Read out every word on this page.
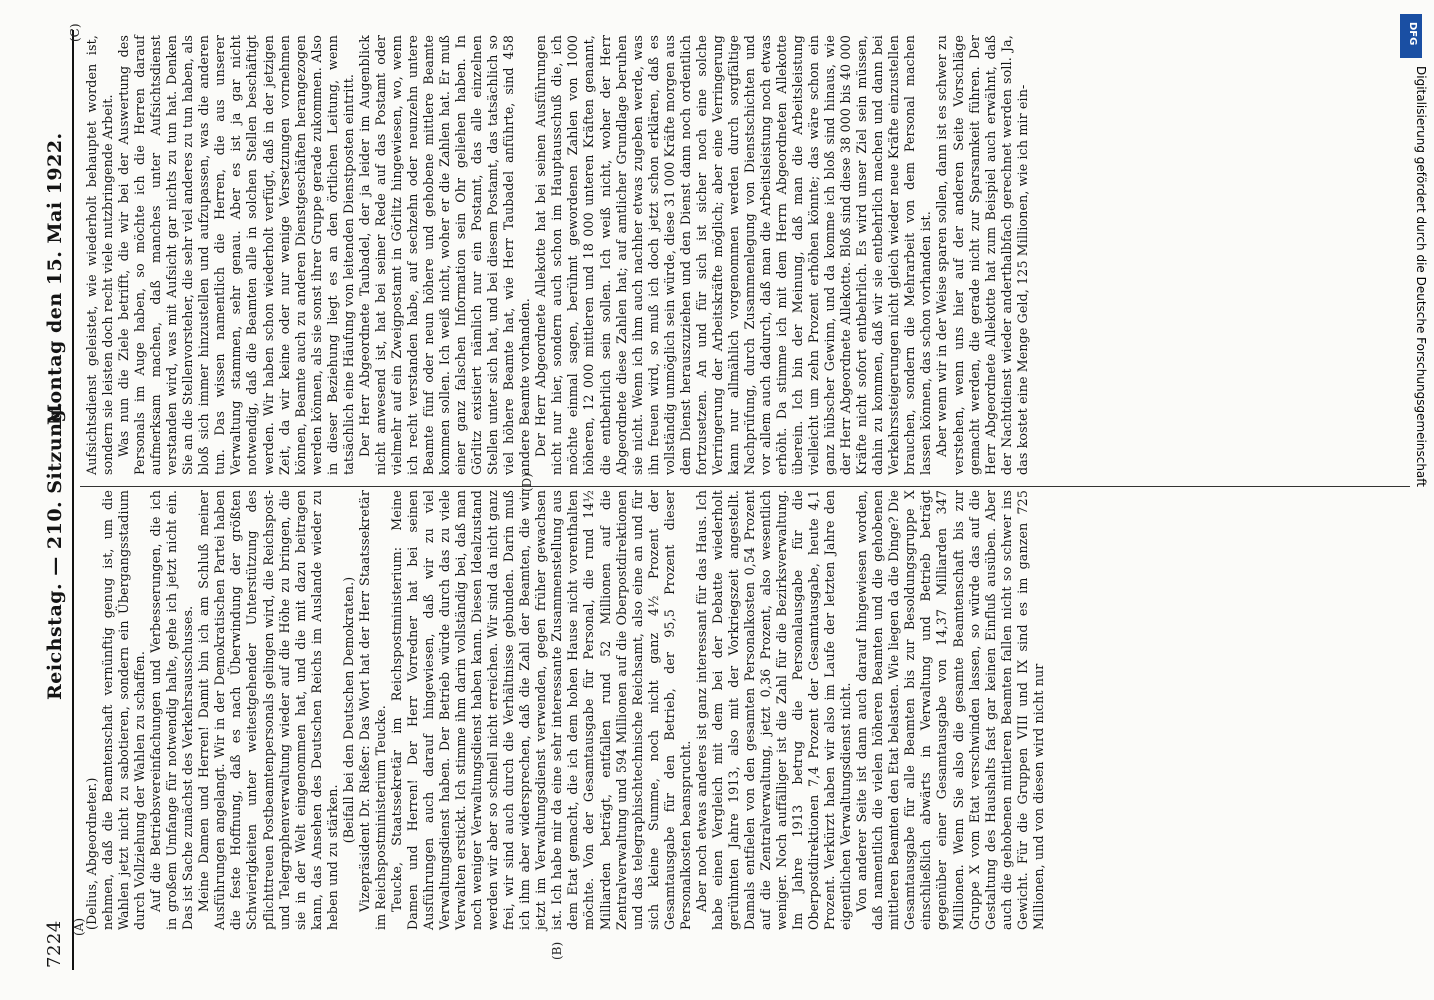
7224
Reichstag. — 210. Sitzung.
Montag den 15. Mai 1922.
(A)
(B)
(C)
(D)

(Delius, Abgeordneter.) nehmen, daß die Beamtenschaft vernünftig genug ist, um die Wahlen jetzt nicht zu sabotieren, sondern ein Übergangsstadium durch Vollziehung der Wahlen zu schaffen. Auf die Betriebsvereinfachungen und Verbesserungen, die ich in großem Umfange für notwendig halte, gehe ich jetzt nicht ein. Das ist Sache zunächst des Verkehrsausschusses. Meine Damen und Herren! Damit bin ich am Schluß meiner Ausführungen angelangt. Wir in der Demokratischen Partei haben die feste Hoffnung, daß es nach Überwindung der größten Schwierigkeiten unter weitestgehender Unterstützung des pflichttreuen Postbeamtenpersonals gelingen wird, die Reichspost- und Telegraphenverwaltung wieder auf die Höhe zu bringen, die sie in der Welt eingenommen hat, und die mit dazu beitragen kann, das Ansehen des Deutschen Reichs im Auslande wieder zu heben und zu stärken.

(Beifall bei den Deutschen Demokraten.) Vizepräsident Dr. Rießer: Das Wort hat der Herr Staatssekretär im Reichspostministerium Teucke. Teucke, Staatssekretär im Reichspostministerium: Meine Damen und Herren! Der Herr Vorredner hat bei seinen Ausführungen auch darauf hingewiesen, daß wir zu viel Verwaltungsdienst haben. Der Betrieb würde durch das zu viele Verwalten erstickt. Ich stimme ihm darin vollständig bei, daß man noch weniger Verwaltungsdienst haben kann. Diesen Idealzustand werden wir aber so schnell nicht erreichen. Wir sind da nicht ganz frei, wir sind auch durch die Verhältnisse gebunden. Darin muß ich ihm aber widersprechen, daß die Zahl der Beamten, die wir jetzt im Verwaltungsdienst verwenden, gegen früher gewachsen ist. Ich habe mir da eine sehr interessante Zusammenstellung aus dem Etat gemacht, die ich dem hohen Hause nicht vorenthalten möchte. Von der Gesamtausgabe für Personal, die rund 14½ Milliarden beträgt, entfallen rund 52 Millionen auf die Zentralverwaltung und 594 Millionen auf die Oberpostdirektionen und das telegraphischtechnische Reichsamt, also eine an und für sich kleine Summe, noch nicht ganz 4½ Prozent der Gesamtausgabe für den Betrieb, der 95,5 Prozent dieser Personalkosten beansprucht. Aber noch etwas anderes ist ganz interessant für das Haus. Ich habe einen Vergleich mit dem bei der Debatte wiederholt gerühmten Jahre 1913, also mit der Vorkriegszeit angestellt. Damals entfielen von den gesamten Personalkosten 0,54 Prozent auf die Zentralverwaltung, jetzt 0,36 Prozent, also wesentlich weniger. Noch auffälliger ist die Zahl für die Bezirksverwaltung. Im Jahre 1913 betrug die Personalausgabe für die Oberpostdirektionen 7,4 Prozent der Gesamtausgabe, heute 4,1 Prozent. Verkürzt haben wir also im Laufe der letzten Jahre den eigentlichen Verwaltungsdienst nicht. Von anderer Seite ist dann auch darauf hingewiesen worden, daß namentlich die vielen höheren Beamten und die gehobenen mittleren Beamten den Etat belasten. Wie liegen da die Dinge? Die Gesamtausgabe für alle Beamten bis zur Besoldungsgruppe X einschließlich abwärts in Verwaltung und Betrieb beträgt gegenüber einer Gesamtausgabe von 14,37 Milliarden 347 Millionen. Wenn Sie also die gesamte Beamtenschaft bis zur Gruppe X vom Etat verschwinden lassen, so würde das auf die Gestaltung des Haushalts fast gar keinen Einfluß ausüben. Aber auch die gehobenen mittleren Beamten fallen nicht so schwer ins Gewicht. Für die Gruppen VIII und IX sind es im ganzen 725 Millionen, und von diesen wird nicht nur

Aufsichtsdienst geleistet, wie wiederholt behauptet worden ist, sondern sie leisten doch recht viele nutzbringende Arbeit. Was nun die Ziele betrifft, die wir bei der Auswertung des Personals im Auge haben, so möchte ich die Herren darauf aufmerksam machen, daß manches unter Aufsichtsdienst verstanden wird, was mit Aufsicht gar nichts zu tun hat. Denken Sie an die Stellenvorsteher, die sehr viel anderes zu tun haben, als bloß sich immer hinzustellen und aufzupassen, was die anderen tun. Das wissen namentlich die Herren, die aus unserer Verwaltung stammen, sehr genau. Aber es ist ja gar nicht notwendig, daß die Beamten alle in solchen Stellen beschäftigt werden. Wir haben schon wiederholt verfügt, daß in der jetzigen Zeit, da wir keine oder nur wenige Versetzungen vornehmen können, Beamte auch zu anderen Dienstgeschäften herangezogen werden können, als sie sonst ihrer Gruppe gerade zukommen. Also in dieser Beziehung liegt es an den örtlichen Leitung, wenn tatsächlich eine Häufung von leitenden Dienstposten eintritt. Der Herr Abgeordnete Taubadel, der ja leider im Augenblick nicht anwesend ist, hat bei seiner Rede auf das Postamt oder vielmehr auf ein Zweigpostamt in Görlitz hingewiesen, wo, wenn ich recht verstanden habe, auf sechzehn oder neunzehn untere Beamte fünf oder neun höhere und gehobene mittlere Beamte kommen sollen. Ich weiß nicht, woher er die Zahlen hat. Er muß einer ganz falschen Information sein Ohr geliehen haben. In Görlitz existiert nämlich nur ein Postamt, das alle einzelnen Stellen unter sich hat, und bei diesem Postamt, das tatsächlich so viel höhere Beamte hat, wie Herr Taubadel anführte, sind 458 andere Beamte vorhanden. Der Herr Abgeordnete Allekotte hat bei seinen Ausführungen nicht nur hier, sondern auch schon im Hauptausschuß die, ich möchte einmal sagen, berühmt gewordenen Zahlen von 1000 höheren, 12 000 mittleren und 18 000 unteren Kräften genannt, die entbehrlich sein sollen. Ich weiß nicht, woher der Herr Abgeordnete diese Zahlen hat; auf amtlicher Grundlage beruhen sie nicht. Wenn ich ihm auch nachher etwas zugeben werde, was ihn freuen wird, so muß ich doch jetzt schon erklären, daß es vollständig unmöglich sein würde, diese 31 000 Kräfte morgen aus dem Dienst herauszuziehen und den Dienst dann noch ordentlich fortzusetzen. An und für sich ist sicher noch eine solche Verringerung der Arbeitskräfte möglich; aber eine Verringerung kann nur allmählich vorgenommen werden durch sorgfältige Nachprüfung, durch Zusammenlegung von Dienstschichten und vor allem auch dadurch, daß man die Arbeitsleistung noch etwas erhöht. Da stimme ich mit dem Herrn Abgeordneten Allekotte überein. Ich bin der Meinung, daß man die Arbeitsleistung vielleicht um zehn Prozent erhöhen könnte; das wäre schon ein ganz hübscher Gewinn, und da komme ich bloß sind hinaus, wie der Herr Abgeordnete Allekotte. Bloß sind diese 38 000 bis 40 000 Kräfte nicht sofort entbehrlich. Es wird unser Ziel sein müssen, dahin zu kommen, daß wir sie entbehrlich machen und dann bei Verkehrssteigerungen nicht gleich wieder neue Kräfte einzustellen brauchen, sondern die Mehrarbeit von dem Personal machen lassen können, das schon vorhanden ist. Aber wenn wir in der Weise sparen sollen, dann ist es schwer zu verstehen, wenn uns hier auf der anderen Seite Vorschläge gemacht werden, die gerade nicht zur Sparsamkeit führen. Der Herr Abgeordnete Allekotte hat zum Beispiel auch erwähnt, daß der Nachtdienst wieder anderthalbfach gerechnet werden soll. Ja, das kostet eine Menge Geld, 125 Millionen, wie ich mir ein-

DFG
Digitalisierung gefördert durch die Deutsche Forschungsgemeinschaft
